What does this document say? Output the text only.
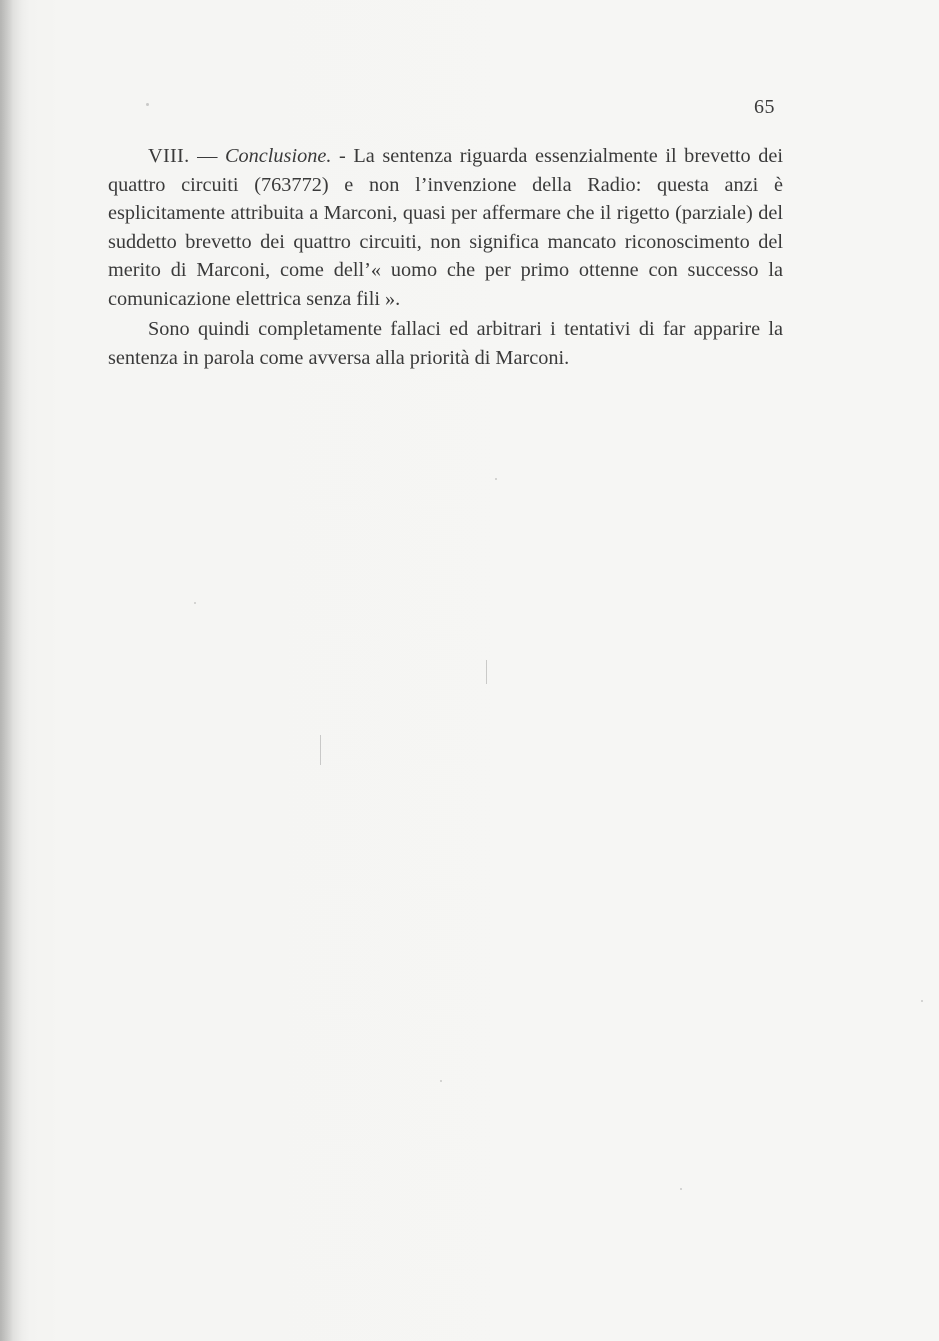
65

VIII. — Conclusione. - La sentenza riguarda essenzialmente il brevetto dei quattro circuiti (763772) e non l’invenzione della Radio: questa anzi è esplicitamente attribuita a Marconi, quasi per affermare che il rigetto (parziale) del suddetto brevetto dei quattro circuiti, non significa mancato riconoscimento del merito di Marconi, come dell’« uomo che per primo ottenne con successo la comunicazione elettrica senza fili ».

Sono quindi completamente fallaci ed arbitrari i tentativi di far apparire la sentenza in parola come avversa alla priorità di Marconi.
